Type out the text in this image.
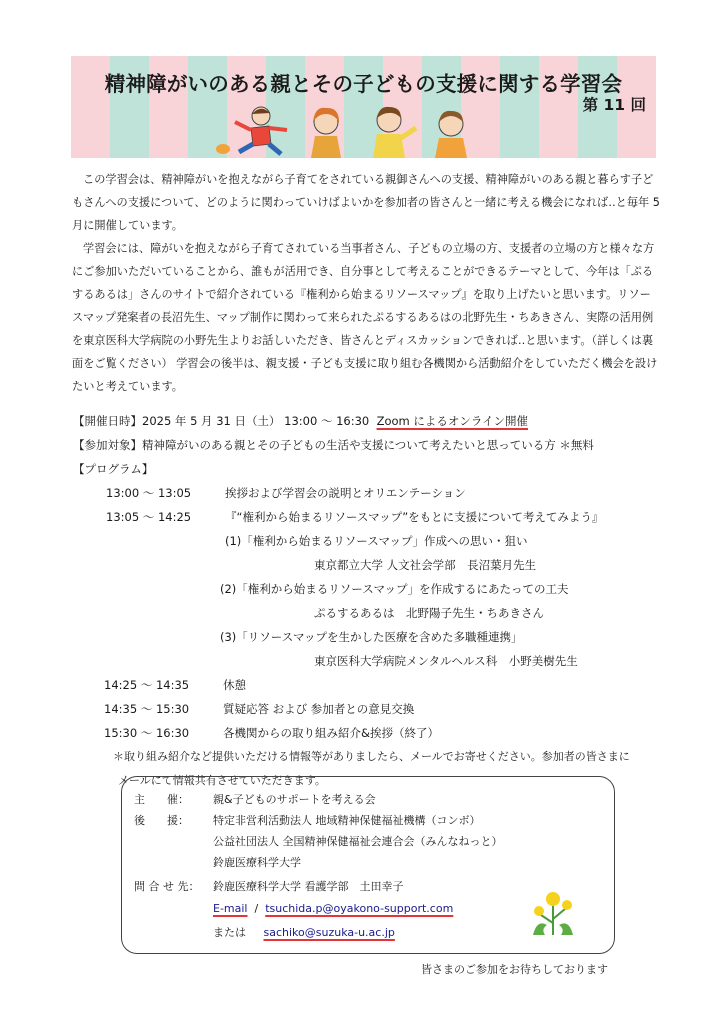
精神障がいのある親とその子どもの支援に関する学習会
第 11 回

この学習会は、精神障がいを抱えながら子育てをされている親御さんへの支援、精神障がいのある親と暮らす子どもさんへの支援について、どのように関わっていけばよいかを参加者の皆さんと一緒に考える機会になれば‥と毎年 5 月に開催しています。

学習会には、障がいを抱えながら子育てされている当事者さん、子どもの立場の方、支援者の立場の方と様々な方にご参加いただいていることから、誰もが活用でき、自分事として考えることができるテーマとして、今年は「ぷるするあるは」さんのサイトで紹介されている『権利から始まるリソースマップ』を取り上げたいと思います。リソースマップ発案者の長沼先生、マップ制作に関わって来られたぷるするあるはの北野先生・ちあきさん、実際の活用例を東京医科大学病院の小野先生よりお話しいただき、皆さんとディスカッションできれば‥と思います。（詳しくは裏面をご覧ください） 学習会の後半は、親支援・子ども支援に取り組む各機関から活動紹介をしていただく機会を設けたいと考えています。

【開催日時】2025 年 5 月 31 日（土） 13:00 ～ 16:30 Zoom によるオンライン開催
【参加対象】精神障がいのある親とその子どもの生活や支援について考えたいと思っている方 ＊無料
【プログラム】
13:00 ～ 13:05	挨拶および学習会の説明とオリエンテーション
13:05 ～ 14:25	『“権利から始まるリソースマップ”をもとに支援について考えてみよう』
(1)「権利から始まるリソースマップ」作成への思い・狙い
東京都立大学 人文社会学部　長沼葉月先生
(2)「権利から始まるリソースマップ」を作成するにあたっての工夫
ぷるするあるは　北野陽子先生・ちあきさん
(3)「リソースマップを生かした医療を含めた多職種連携」
東京医科大学病院メンタルヘルス科　小野美樹先生
14:25 ～ 14:35	休憩
14:35 ～ 15:30	質疑応答 および 参加者との意見交換
15:30 ～ 16:30	各機関からの取り組み紹介&挨拶（終了）
＊取り組み紹介など提供いただける情報等がありましたら、メールでお寄せください。参加者の皆さまに
メールにて情報共有させていただきます。
主　　催： 親&子どものサポートを考える会
後　　援： 特定非営利活動法人 地域精神保健福祉機構（コンボ）
公益社団法人 全国精神保健福祉会連合会（みんなねっと）
鈴鹿医療科学大学
問 合 せ 先： 鈴鹿医療科学大学 看護学部　土田幸子
E-mail / tsuchida.p@oyakono-support.com
または sachiko@suzuka-u.ac.jp
皆さまのご参加をお待ちしております
